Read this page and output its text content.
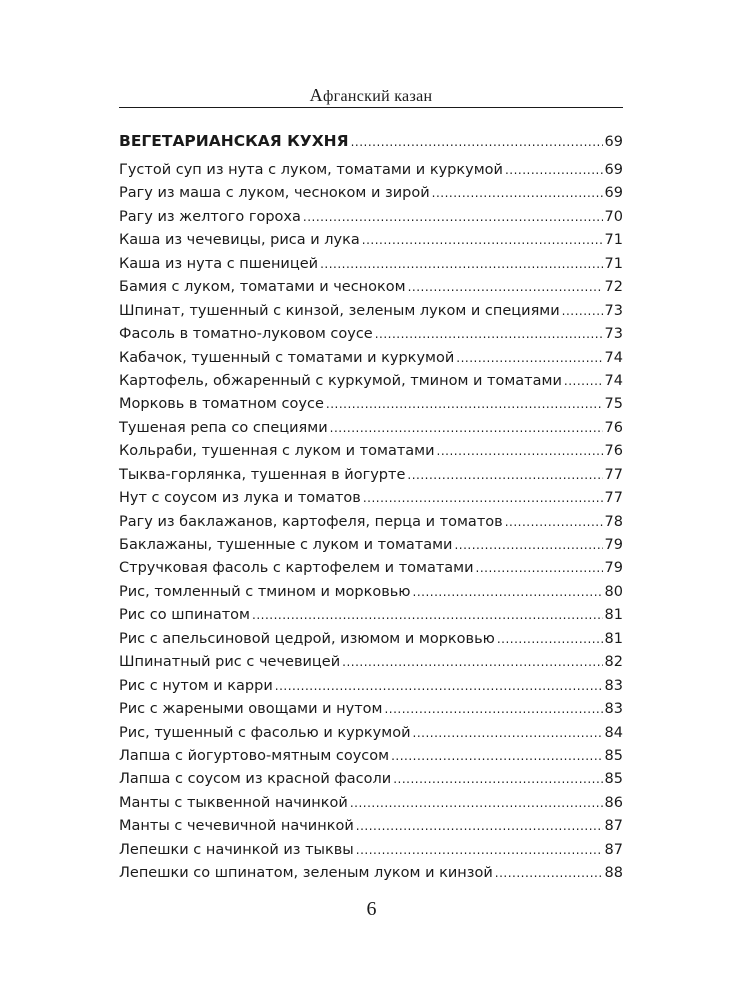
Афганский казан
ВЕГЕТАРИАНСКАЯ КУХНЯ .....	69
Густой суп из нута с луком, томатами и куркумой .....	69
Рагу из маша с луком, чесноком и зирой .....	69
Рагу из желтого гороха .....	70
Каша из чечевицы, риса и лука .....	71
Каша из нута с пшеницей .....	71
Бамия с луком, томатами и чесноком .....	72
Шпинат, тушенный с кинзой, зеленым луком и специями .....	73
Фасоль в томатно-луковом соусе .....	73
Кабачок, тушенный с томатами и куркумой .....	74
Картофель, обжаренный с куркумой, тмином и томатами .....	74
Морковь в томатном соусе .....	75
Тушеная репа со специями .....	76
Кольраби, тушенная с луком и томатами .....	76
Тыква-горлянка, тушенная в йогурте .....	77
Нут с соусом из лука и томатов .....	77
Рагу из баклажанов, картофеля, перца и томатов .....	78
Баклажаны, тушенные с луком и томатами .....	79
Стручковая фасоль с картофелем и томатами .....	79
Рис, томленный с тмином и морковью .....	80
Рис со шпинатом .....	81
Рис с апельсиновой цедрой, изюмом и морковью .....	81
Шпинатный рис с чечевицей .....	82
Рис с нутом и карри .....	83
Рис с жареными овощами и нутом .....	83
Рис, тушенный с фасолью и куркумой .....	84
Лапша с йогуртово-мятным соусом .....	85
Лапша с соусом из красной фасоли .....	85
Манты с тыквенной начинкой .....	86
Манты с чечевичной начинкой .....	87
Лепешки с начинкой из тыквы .....	87
Лепешки со шпинатом, зеленым луком и кинзой .....	88
6
